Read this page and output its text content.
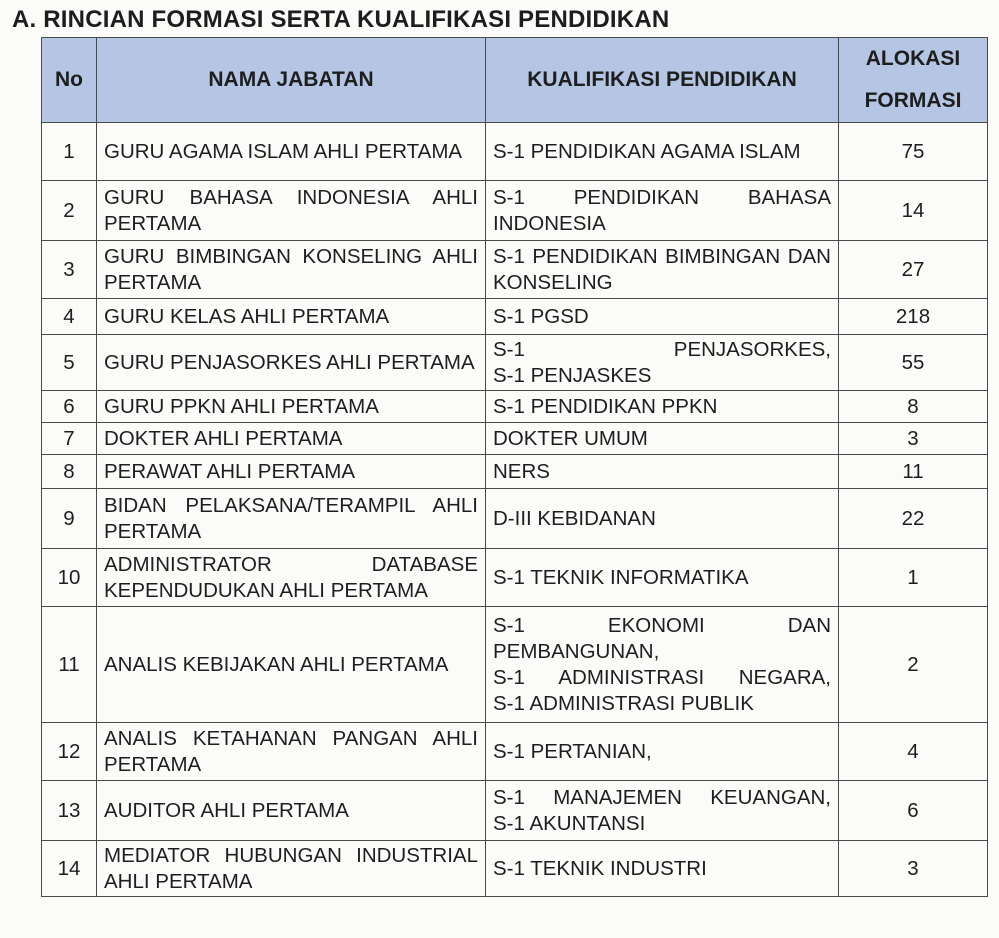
A. RINCIAN FORMASI SERTA KUALIFIKASI PENDIDIKAN
No	NAMA JABATAN	KUALIFIKASI PENDIDIKAN	ALOKASI
FORMASI
1	GURU AGAMA ISLAM AHLI PERTAMA	S-1 PENDIDIKAN AGAMA ISLAM	75
2	GURU BAHASA INDONESIA AHLI PERTAMA	S-1 PENDIDIKAN BAHASA INDONESIA	14
3	GURU BIMBINGAN KONSELING AHLI PERTAMA	S-1 PENDIDIKAN BIMBINGAN DAN KONSELING	27
4	GURU KELAS AHLI PERTAMA	S-1 PGSD	218
5	GURU PENJASORKES AHLI PERTAMA	S-1 PENJASORKES,
S-1 PENJASKES	55
6	GURU PPKN AHLI PERTAMA	S-1 PENDIDIKAN PPKN	8
7	DOKTER AHLI PERTAMA	DOKTER UMUM	3
8	PERAWAT AHLI PERTAMA	NERS	11
9	BIDAN PELAKSANA/TERAMPIL AHLI PERTAMA	D-III KEBIDANAN	22
10	ADMINISTRATOR DATABASE KEPENDUDUKAN AHLI PERTAMA	S-1 TEKNIK INFORMATIKA	1
11	ANALIS KEBIJAKAN AHLI PERTAMA	S-1 EKONOMI DAN PEMBANGUNAN,
S-1 ADMINISTRASI NEGARA,
S-1 ADMINISTRASI PUBLIK	2
12	ANALIS KETAHANAN PANGAN AHLI PERTAMA	S-1 PERTANIAN,	4
13	AUDITOR AHLI PERTAMA	S-1 MANAJEMEN KEUANGAN,
S-1 AKUNTANSI	6
14	MEDIATOR HUBUNGAN INDUSTRIAL AHLI PERTAMA	S-1 TEKNIK INDUSTRI	3
